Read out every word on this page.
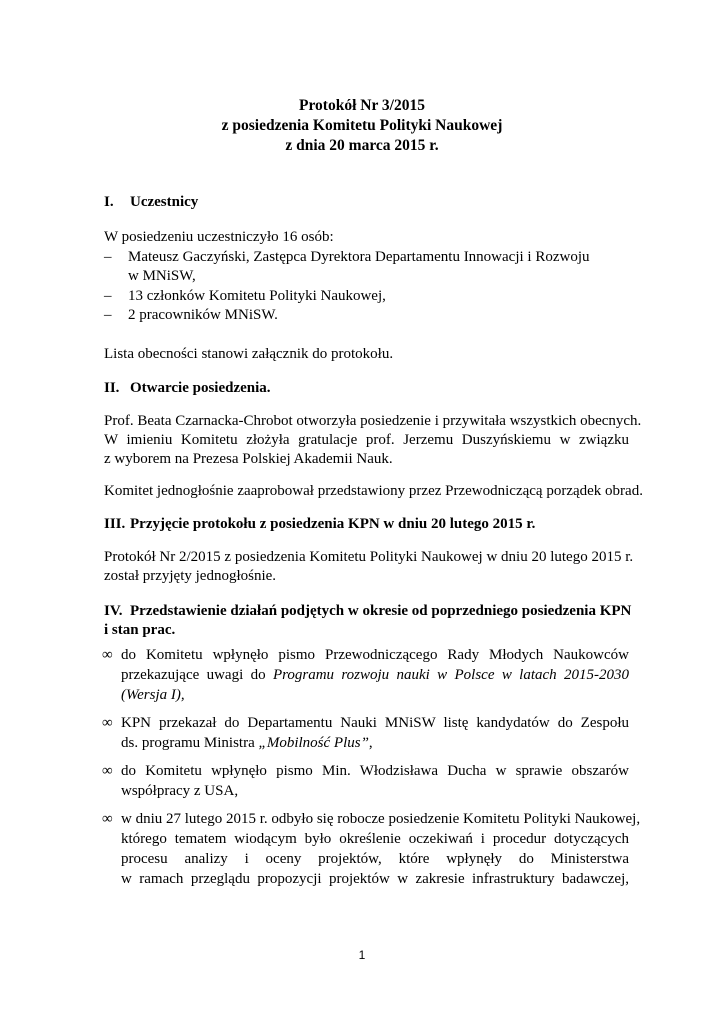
Protokół Nr 3/2015
z posiedzenia Komitetu Polityki Naukowej
z dnia 20 marca 2015 r.
I. Uczestnicy
W posiedzeniu uczestniczyło 16 osób:
– Mateusz Gaczyński, Zastępca Dyrektora Departamentu Innowacji i Rozwoju
w MNiSW,
– 13 członków Komitetu Polityki Naukowej,
– 2 pracowników MNiSW.
Lista obecności stanowi załącznik do protokołu.
II. Otwarcie posiedzenia.
Prof. Beata Czarnacka-Chrobot otworzyła posiedzenie i przywitała wszystkich obecnych.
W imieniu Komitetu złożyła gratulacje prof. Jerzemu Duszyńskiemu w związku
z wyborem na Prezesa Polskiej Akademii Nauk.
Komitet jednogłośnie zaaprobował przedstawiony przez Przewodniczącą porządek obrad.
III. Przyjęcie protokołu z posiedzenia KPN w dniu 20 lutego 2015 r.
Protokół Nr 2/2015 z posiedzenia Komitetu Polityki Naukowej w dniu 20 lutego 2015 r.
został przyjęty jednogłośnie.
IV. Przedstawienie działań podjętych w okresie od poprzedniego posiedzenia KPN
i stan prac.
∞ do Komitetu wpłynęło pismo Przewodniczącego Rady Młodych Naukowców
przekazujące uwagi do Programu rozwoju nauki w Polsce w latach 2015-2030
(Wersja I),
∞ KPN przekazał do Departamentu Nauki MNiSW listę kandydatów do Zespołu
ds. programu Ministra „Mobilność Plus”,
∞ do Komitetu wpłynęło pismo Min. Włodzisława Ducha w sprawie obszarów
współpracy z USA,
∞ w dniu 27 lutego 2015 r. odbyło się robocze posiedzenie Komitetu Polityki Naukowej,
którego tematem wiodącym było określenie oczekiwań i procedur dotyczących
procesu analizy i oceny projektów, które wpłynęły do Ministerstwa
w ramach przeglądu propozycji projektów w zakresie infrastruktury badawczej,
1
